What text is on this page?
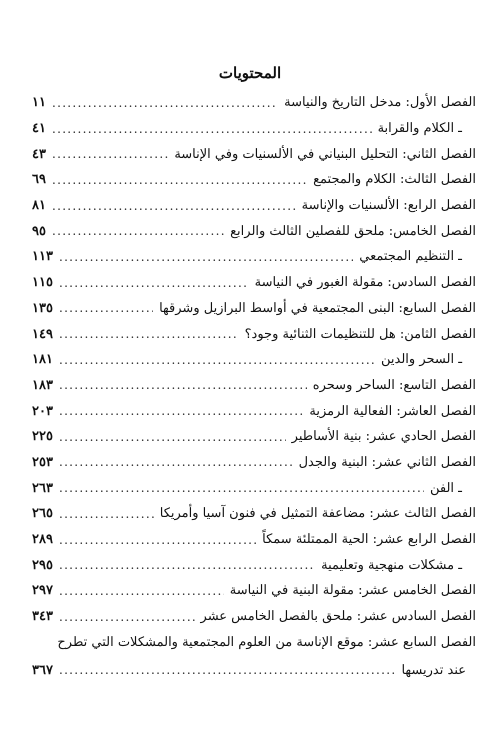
المحتويات
١١ .....	الفصل الأول: مدخل التاريخ والنياسة
٤١ .....	ـ الكلام والقرابة
٤٣ .....	الفصل الثاني: التحليل البنياني في الألسنيات وفي الإناسة
٦٩ .....	الفصل الثالث: الكلام والمجتمع
٨١ .....	الفصل الرابع: الألسنيات والإناسة
٩٥ .....	الفصل الخامس: ملحق للفصلين الثالث والرابع
١١٣ .....	ـ التنظيم المجتمعي
١١٥ .....	الفصل السادس: مقولة الغبور في النياسة
١٣٥ .....	الفصل السابع: البنى المجتمعية في أواسط البرازيل وشرقها
١٤٩ .....	الفصل الثامن: هل للتنظيمات الثنائية وجود؟
١٨١ .....	ـ السحر والدين
١٨٣ .....	الفصل التاسع: الساحر وسحره
٢٠٣ .....	الفصل العاشر: الفعالية الرمزية
٢٢٥ .....	الفصل الحادي عشر: بنية الأساطير
٢٥٣ .....	الفصل الثاني عشر: البنية والجدل
٢٦٣ .....	ـ الفن
٢٦٥ .....	الفصل الثالث عشر: مضاعفة التمثيل في فنون آسيا وأمريكا
٢٨٩ .....	الفصل الرابع عشر: الحية الممتلئة سمكاً
٢٩٥ .....	ـ مشكلات منهجية وتعليمية
٢٩٧ .....	الفصل الخامس عشر: مقولة البنية في النياسة
٣٤٣ .....	الفصل السادس عشر: ملحق بالفصل الخامس عشر
الفصل السابع عشر: موقع الإناسة من العلوم المجتمعية والمشكلات التي تطرح
٣٦٧ .....	عند تدريسها
